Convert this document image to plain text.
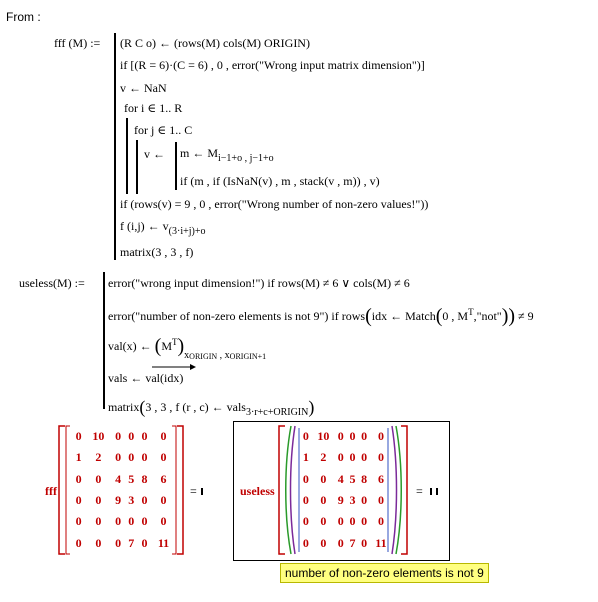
From :
fff (M) := (R C o) ← (rows(M) cols(M) ORIGIN)
if [(R = 6)·(C = 6) , 0 , error("Wrong input matrix dimension")]
v ← NaN
for i ∈ 1.. R
for j ∈ 1.. C
v ← m ← $M_{i-1+o , j-1+o}$
if (m , if (IsNaN(v) , m , stack(v , m)) , v)
if (rows(v) = 9 , 0 , error("Wrong number of non-zero values!"))
f (i,j) ← $v_{(3\cdot i+j)+o}$
matrix(3 , 3 , f)
useless(M) := error("wrong input dimension!") if rows(M) ≠ 6 ∨ cols(M) ≠ 6
error("number of non-zero elements is not 9") if rows(idx ← Match(0 , $M^T,"not")) \ne 9$
val(x) ← $(M^T)_{xORIGIN}$ $_{, xORIGIN+1}$
vals ← val(idx)
matrix(3 , 3 , f (r , c) ← vals$_{3\cdot r+c+ORIGIN}$)
fff
0	10	0	0	0	0
1	2	0	0	0	0
0	0	4	5	8	6
0	0	9	3	0	0
0	0	0	0	0	0
0	0	0	7	0	11
=	useless
0	10	0	0	0	0
1	2	0	0	0	0
0	0	4	5	8	6
0	0	9	3	0	0
0	0	0	0	0	0
0	0	0	7	0	11
=
number of non-zero elements is not 9
